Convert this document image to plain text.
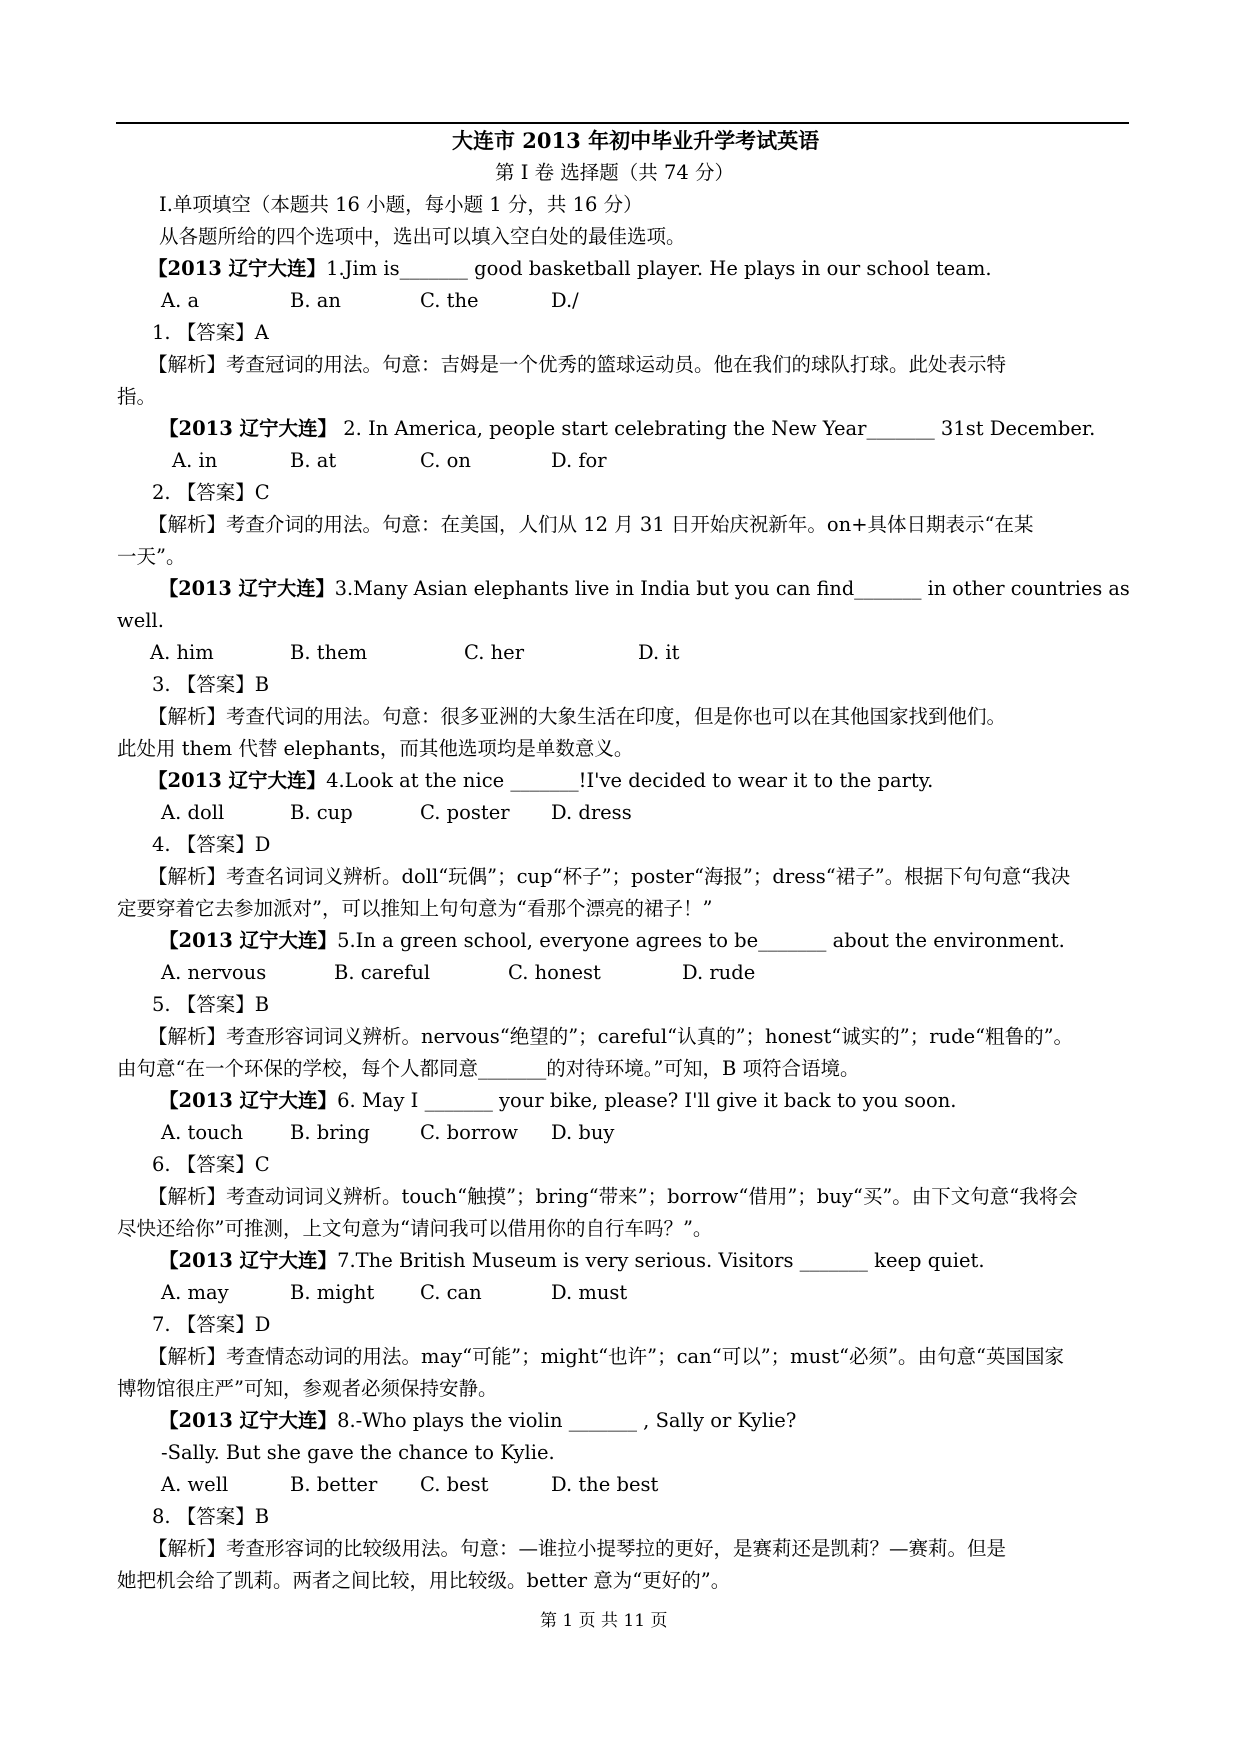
大连市 2013 年初中毕业升学考试英语
第 I 卷 选择题（共 74 分）
I.单项填空（本题共 16 小题，每小题 1 分，共 16 分）
从各题所给的四个选项中，选出可以填入空白处的最佳选项。
【2013 辽宁大连】1.Jim is_______ good basketball player. He plays in our school team.
A. a	B. an	C. the	D./
1. 【答案】A
【解析】考查冠词的用法。句意：吉姆是一个优秀的篮球运动员。他在我们的球队打球。此处表示特
指。
【2013 辽宁大连】 2. In America, people start celebrating the New Year_______ 31st December.
A. in	B. at	C. on	D. for
2. 【答案】C
【解析】考查介词的用法。句意：在美国，人们从 12 月 31 日开始庆祝新年。on+具体日期表示“在某
一天”。
【2013 辽宁大连】3.Many Asian elephants live in India but you can find_______ in other countries as
well.
A. him	B. them	C. her	D. it
3. 【答案】B
【解析】考查代词的用法。句意：很多亚洲的大象生活在印度，但是你也可以在其他国家找到他们。
此处用 them 代替 elephants，而其他选项均是单数意义。
【2013 辽宁大连】4.Look at the nice _______!I've decided to wear it to the party.
A. doll	B. cup	C. poster D. dress
4. 【答案】D
【解析】考查名词词义辨析。doll“玩偶”；cup“杯子”；poster“海报”；dress“裙子”。根据下句句意“我决
定要穿着它去参加派对”，可以推知上句句意为“看那个漂亮的裙子！”
【2013 辽宁大连】5.In a green school, everyone agrees to be_______ about the environment.
A. nervous	B. careful	C. honest	D. rude
5. 【答案】B
【解析】考查形容词词义辨析。nervous“绝望的”；careful“认真的”；honest“诚实的”；rude“粗鲁的”。
由句意“在一个环保的学校，每个人都同意_______的对待环境。”可知，B 项符合语境。
【2013 辽宁大连】6. May I _______ your bike, please? I'll give it back to you soon.
A. touch B. bring	C. borrow D. buy
6. 【答案】C
【解析】考查动词词义辨析。touch“触摸”；bring“带来”；borrow“借用”；buy“买”。由下文句意“我将会
尽快还给你”可推测，上文句意为“请问我可以借用你的自行车吗？”。
【2013 辽宁大连】7.The British Museum is very serious. Visitors _______ keep quiet.
A. may	B. might C. can	D. must
7. 【答案】D
【解析】考查情态动词的用法。may“可能”；might“也许”；can“可以”；must“必须”。由句意“英国国家
博物馆很庄严”可知，参观者必须保持安静。
【2013 辽宁大连】8.-Who plays the violin _______ , Sally or Kylie?
-Sally. But she gave the chance to Kylie.
A. well	B. better C. best	D. the best
8. 【答案】B
【解析】考查形容词的比较级用法。句意：—谁拉小提琴拉的更好，是赛莉还是凯莉？—赛莉。但是
她把机会给了凯莉。两者之间比较，用比较级。better 意为“更好的”。
第 1 页 共 11 页
